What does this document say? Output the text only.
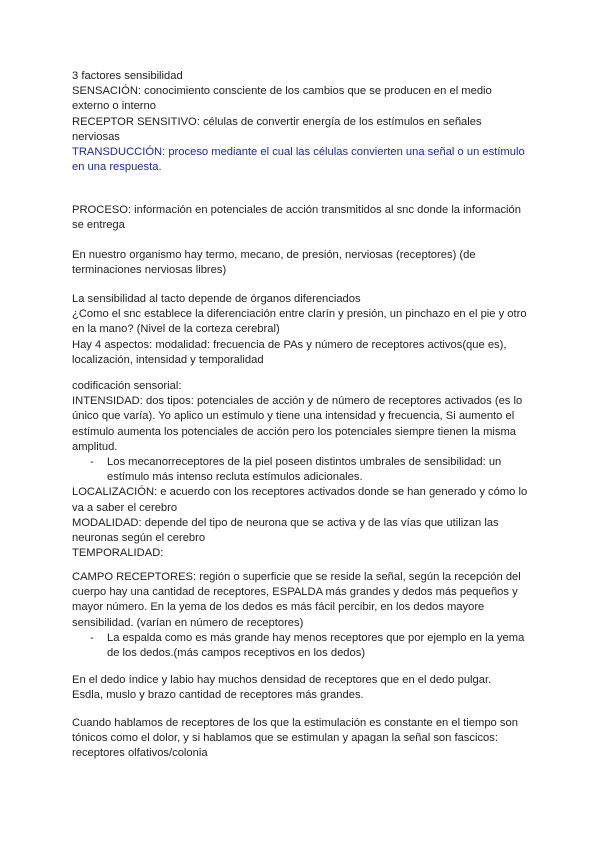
3 factores sensibilidad

SENSACIÓN: conocimiento consciente de los cambios que se producen en el medio externo o interno

RECEPTOR SENSITIVO: células de convertir energía de los estímulos en señales nerviosas

TRANSDUCCIÓN: proceso mediante el cual las células convierten una señal o un estímulo en una respuesta.

PROCESO: información en potenciales de acción transmitidos al snc donde la información se entrega

En nuestro organismo hay termo, mecano, de presión, nerviosas (receptores) (de terminaciones nerviosas libres)

La sensibilidad al tacto depende de órganos diferenciados

¿Como el snc establece la diferenciación entre clarín y presión, un pinchazo en el pie y otro en la mano? (Nivel de la corteza cerebral)

Hay 4 aspectos: modalidad: frecuencia de PAs y número de receptores activos(que es), localización, intensidad y temporalidad

codificación sensorial:

INTENSIDAD: dos tipos: potenciales de acción y de número de receptores activados (es lo único que varía). Yo aplico un estímulo y tiene una intensidad y frecuencia, Si aumento el estímulo aumenta los potenciales de acción pero los potenciales siempre tienen la misma amplitud.

- Los mecanorreceptores de la piel poseen distintos umbrales de sensibilidad: un estímulo más intenso recluta estímulos adicionales.

LOCALIZACIÓN: e acuerdo con los receptores activados donde se han generado y cómo lo va a saber el cerebro

MODALIDAD: depende del tipo de neurona que se activa y de las vías que utilizan las neuronas según el cerebro

TEMPORALIDAD:

CAMPO RECEPTORES: región o superficie que se reside la señal, según la recepción del cuerpo hay una cantidad de receptores, ESPALDA más grandes y dedos más pequeños y mayor número. En la yema de los dedos es más fácil percibir, en los dedos mayore sensibilidad. (varían en número de receptores)

- La espalda como es más grande hay menos receptores que por ejemplo en la yema de los dedos.(más campos receptivos en los dedos)

En el dedo índice y labio hay muchos densidad de receptores que en el dedo pulgar.

Esdla, muslo y brazo cantidad de receptores más grandes.

Cuando hablamos de receptores de los que la estimulación es constante en el tiempo son tónicos como el dolor, y si hablamos que se estimulan y apagan la señal son fascicos: receptores olfativos/colonia
